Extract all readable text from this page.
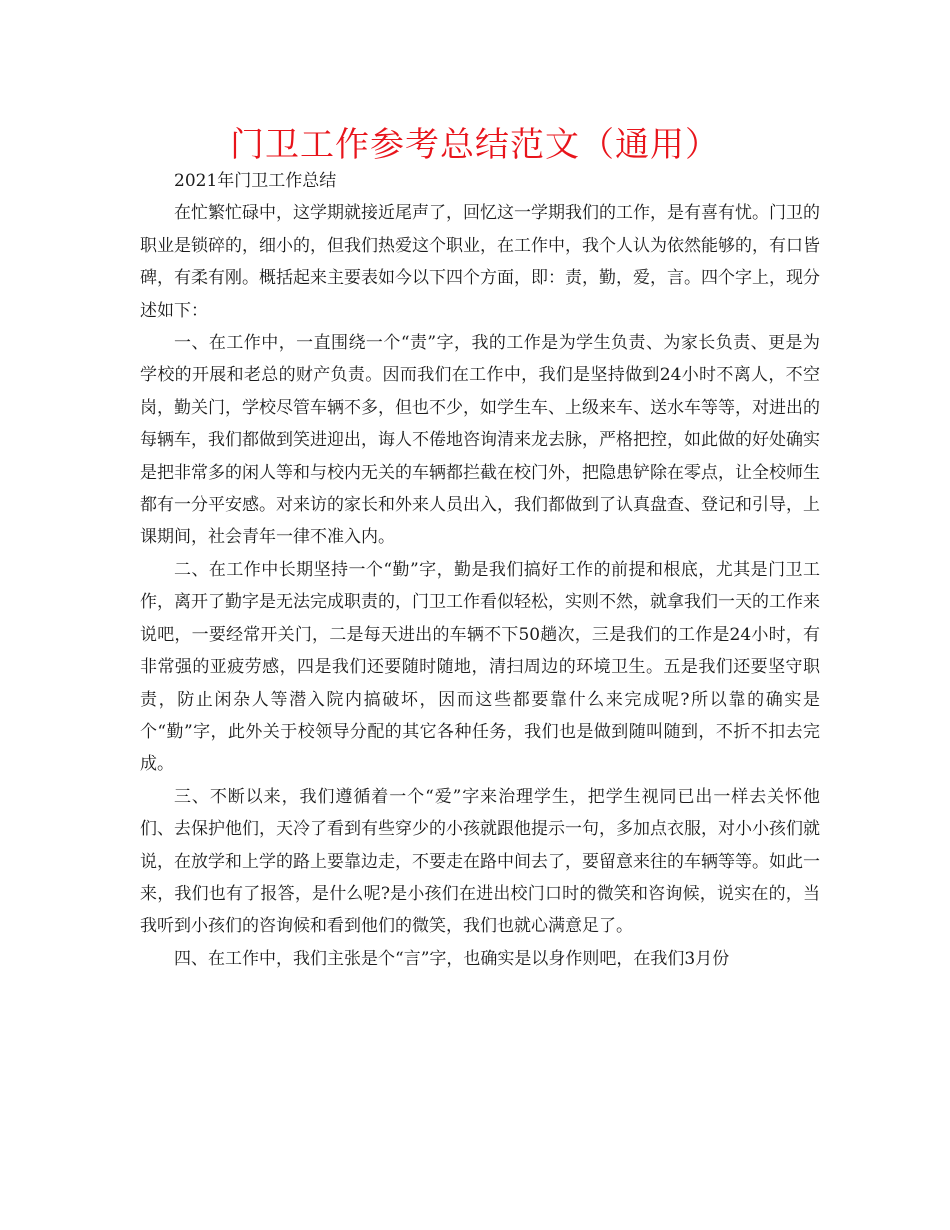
门卫工作参考总结范文（通用）

2021年门卫工作总结

在忙繁忙碌中，这学期就接近尾声了，回忆这一学期我们的工作，是有喜有忧。门卫的职业是锁碎的，细小的，但我们热爱这个职业，在工作中，我个人认为依然能够的，有口皆碑，有柔有刚。概括起来主要表如今以下四个方面，即：责，勤，爱，言。四个字上，现分述如下：

一、在工作中，一直围绕一个“责”字，我的工作是为学生负责、为家长负责、更是为学校的开展和老总的财产负责。因而我们在工作中，我们是坚持做到24小时不离人，不空岗，勤关门，学校尽管车辆不多，但也不少，如学生车、上级来车、送水车等等，对进出的每辆车，我们都做到笑进迎出，诲人不倦地咨询清来龙去脉，严格把控，如此做的好处确实是把非常多的闲人等和与校内无关的车辆都拦截在校门外，把隐患铲除在零点，让全校师生都有一分平安感。对来访的家长和外来人员出入，我们都做到了认真盘查、登记和引导，上课期间，社会青年一律不准入内。

二、在工作中长期坚持一个“勤”字，勤是我们搞好工作的前提和根底，尤其是门卫工作，离开了勤字是无法完成职责的，门卫工作看似轻松，实则不然，就拿我们一天的工作来说吧，一要经常开关门，二是每天进出的车辆不下50趟次，三是我们的工作是24小时，有非常强的亚疲劳感，四是我们还要随时随地，清扫周边的环境卫生。五是我们还要坚守职责，防止闲杂人等潜入院内搞破坏，因而这些都要靠什么来完成呢?所以靠的确实是个“勤”字，此外关于校领导分配的其它各种任务，我们也是做到随叫随到，不折不扣去完成。

三、不断以来，我们遵循着一个“爱”字来治理学生，把学生视同已出一样去关怀他们、去保护他们，天冷了看到有些穿少的小孩就跟他提示一句，多加点衣服，对小小孩们就说，在放学和上学的路上要靠边走，不要走在路中间去了，要留意来往的车辆等等。如此一来，我们也有了报答，是什么呢?是小孩们在进出校门口时的微笑和咨询候，说实在的，当我听到小孩们的咨询候和看到他们的微笑，我们也就心满意足了。

四、在工作中，我们主张是个“言”字，也确实是以身作则吧，在我们3月份
